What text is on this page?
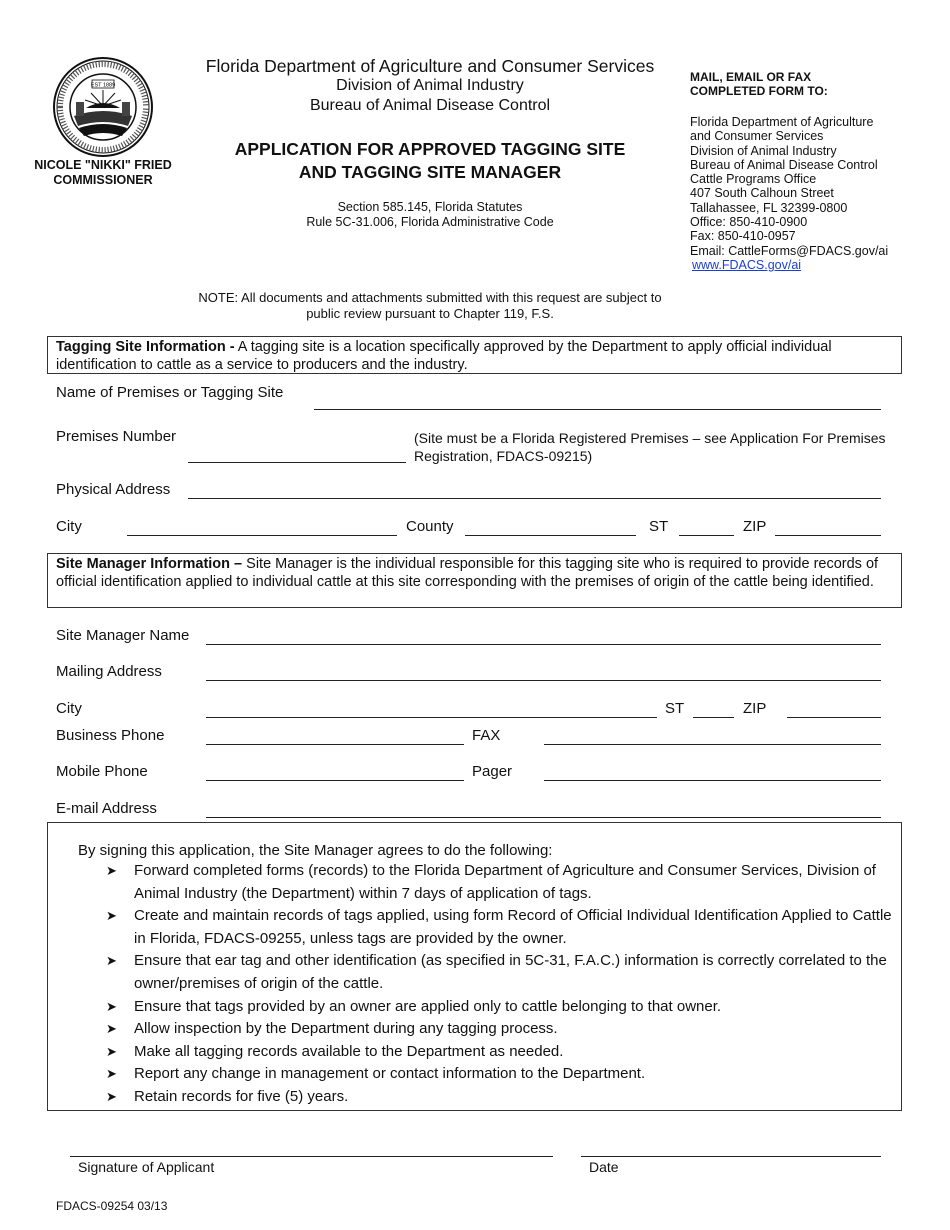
EST 1889
NICOLE "NIKKI" FRIED
COMMISSIONER
Florida Department of Agriculture and Consumer Services
Division of Animal Industry
Bureau of Animal Disease Control
APPLICATION FOR APPROVED TAGGING SITE
AND TAGGING SITE MANAGER
Section 585.145, Florida Statutes
Rule 5C-31.006, Florida Administrative Code
MAIL, EMAIL OR FAX
COMPLETED FORM TO:
Florida Department of Agriculture
and Consumer Services
Division of Animal Industry
Bureau of Animal Disease Control
Cattle Programs Office
407 South Calhoun Street
Tallahassee, FL 32399-0800
Office: 850-410-0900
Fax: 850-410-0957
Email: CattleForms@FDACS.gov/ai
www.FDACS.gov/ai
NOTE: All documents and attachments submitted with this request are subject to
public review pursuant to Chapter 119, F.S.
Tagging Site Information - A tagging site is a location specifically approved by the Department to apply official individual identification to cattle as a service to producers and the industry.
Name of Premises or Tagging Site
Premises Number	(Site must be a Florida Registered Premises – see Application For Premises
Registration, FDACS-09215)
Physical Address
City	County	ST	ZIP
Site Manager Information – Site Manager is the individual responsible for this tagging site who is required to provide records of official identification applied to individual cattle at this site corresponding with the premises of origin of the cattle being identified.
Site Manager Name
Mailing Address
City	ST	ZIP
Business Phone	FAX
Mobile Phone	Pager
E-mail Address
By signing this application, the Site Manager agrees to do the following:
➤ Forward completed forms (records) to the Florida Department of Agriculture and Consumer Services, Division of Animal Industry (the Department) within 7 days of application of tags.
➤ Create and maintain records of tags applied, using form Record of Official Individual Identification Applied to Cattle in Florida, FDACS-09255, unless tags are provided by the owner.
➤ Ensure that ear tag and other identification (as specified in 5C-31, F.A.C.) information is correctly correlated to the owner/premises of origin of the cattle.
➤ Ensure that tags provided by an owner are applied only to cattle belonging to that owner.
➤ Allow inspection by the Department during any tagging process.
➤ Make all tagging records available to the Department as needed.
➤ Report any change in management or contact information to the Department.
➤ Retain records for five (5) years.
Signature of Applicant	Date
FDACS-09254 03/13
